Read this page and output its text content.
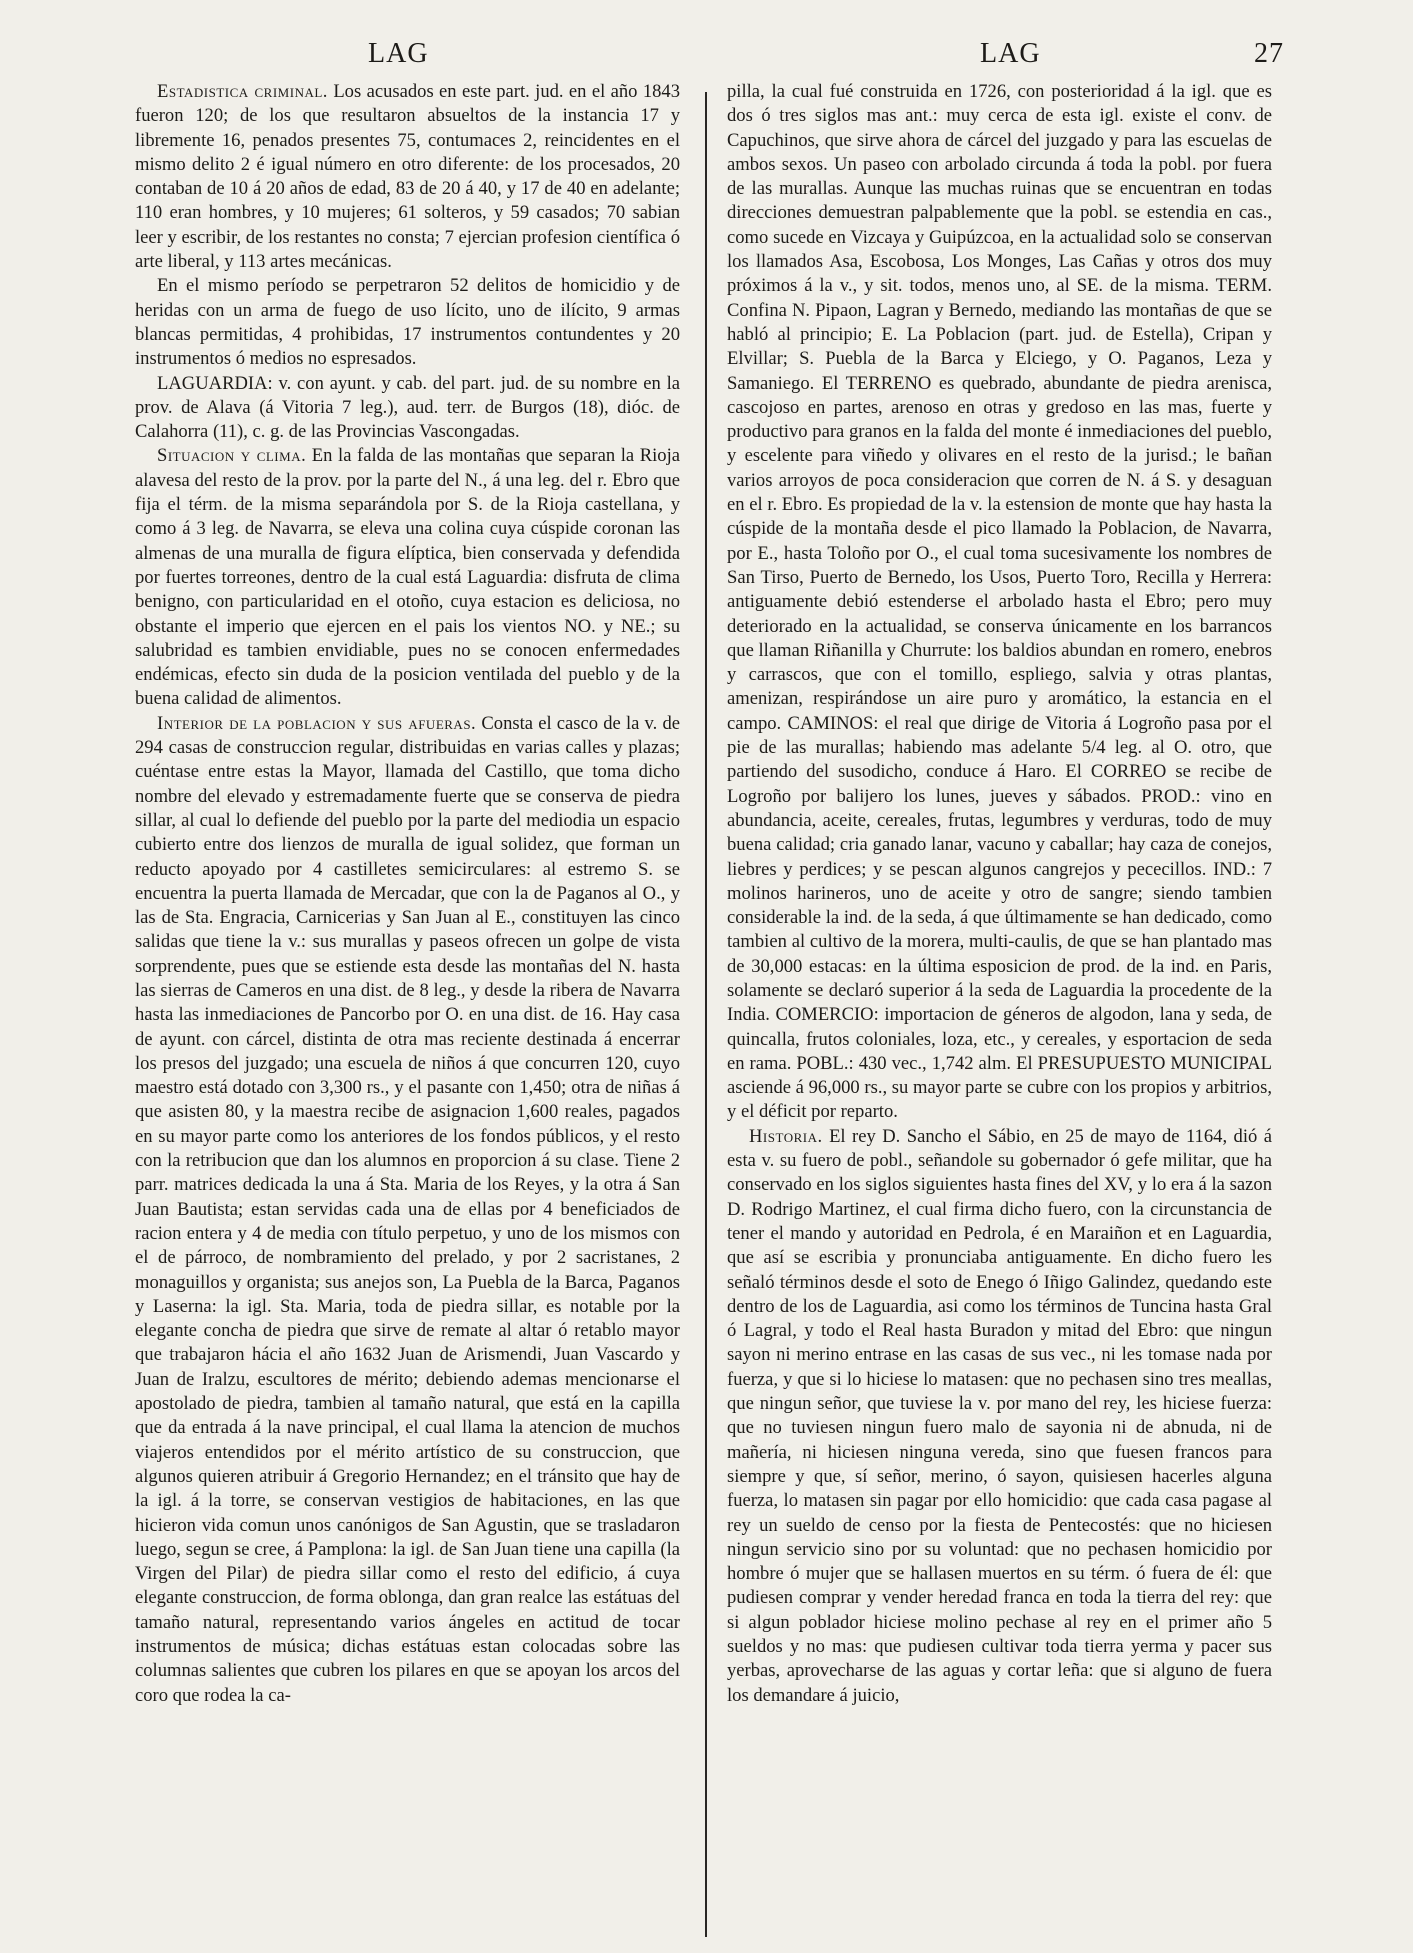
LAG	LAG	27

Estadistica criminal. Los acusados en este part. jud. en el año 1843 fueron 120; de los que resultaron absueltos de la instancia 17 y libremente 16, penados presentes 75, contumaces 2, reincidentes en el mismo delito 2 é igual número en otro diferente: de los procesados, 20 contaban de 10 á 20 años de edad, 83 de 20 á 40, y 17 de 40 en adelante; 110 eran hombres, y 10 mujeres; 61 solteros, y 59 casados; 70 sabian leer y escribir, de los restantes no consta; 7 ejercian profesion científica ó arte liberal, y 113 artes mecánicas.

En el mismo período se perpetraron 52 delitos de homicidio y de heridas con un arma de fuego de uso lícito, uno de ilícito, 9 armas blancas permitidas, 4 prohibidas, 17 instrumentos contundentes y 20 instrumentos ó medios no espresados.

LAGUARDIA: v. con ayunt. y cab. del part. jud. de su nombre en la prov. de Alava (á Vitoria 7 leg.), aud. terr. de Burgos (18), dióc. de Calahorra (11), c. g. de las Provincias Vascongadas.

Situacion y clima. En la falda de las montañas que separan la Rioja alavesa del resto de la prov. por la parte del N., á una leg. del r. Ebro que fija el térm. de la misma separándola por S. de la Rioja castellana, y como á 3 leg. de Navarra, se eleva una colina cuya cúspide coronan las almenas de una muralla de figura elíptica, bien conservada y defendida por fuertes torreones, dentro de la cual está Laguardia: disfruta de clima benigno, con particularidad en el otoño, cuya estacion es deliciosa, no obstante el imperio que ejercen en el pais los vientos NO. y NE.; su salubridad es tambien envidiable, pues no se conocen enfermedades endémicas, efecto sin duda de la posicion ventilada del pueblo y de la buena calidad de alimentos.

Interior de la poblacion y sus afueras. Consta el casco de la v. de 294 casas de construccion regular, distribuidas en varias calles y plazas; cuéntase entre estas la Mayor, llamada del Castillo, que toma dicho nombre del elevado y estremadamente fuerte que se conserva de piedra sillar, al cual lo defiende del pueblo por la parte del mediodia un espacio cubierto entre dos lienzos de muralla de igual solidez, que forman un reducto apoyado por 4 castilletes semicirculares: al estremo S. se encuentra la puerta llamada de Mercadar, que con la de Paganos al O., y las de Sta. Engracia, Carnicerias y San Juan al E., constituyen las cinco salidas que tiene la v.: sus murallas y paseos ofrecen un golpe de vista sorprendente, pues que se estiende esta desde las montañas del N. hasta las sierras de Cameros en una dist. de 8 leg., y desde la ribera de Navarra hasta las inmediaciones de Pancorbo por O. en una dist. de 16. Hay casa de ayunt. con cárcel, distinta de otra mas reciente destinada á encerrar los presos del juzgado; una escuela de niños á que concurren 120, cuyo maestro está dotado con 3,300 rs., y el pasante con 1,450; otra de niñas á que asisten 80, y la maestra recibe de asignacion 1,600 reales, pagados en su mayor parte como los anteriores de los fondos públicos, y el resto con la retribucion que dan los alumnos en proporcion á su clase. Tiene 2 parr. matrices dedicada la una á Sta. Maria de los Reyes, y la otra á San Juan Bautista; estan servidas cada una de ellas por 4 beneficiados de racion entera y 4 de media con título perpetuo, y uno de los mismos con el de párroco, de nombramiento del prelado, y por 2 sacristanes, 2 monaguillos y organista; sus anejos son, La Puebla de la Barca, Paganos y Laserna: la igl. Sta. Maria, toda de piedra sillar, es notable por la elegante concha de piedra que sirve de remate al altar ó retablo mayor que trabajaron hácia el año 1632 Juan de Arismendi, Juan Vascardo y Juan de Iralzu, escultores de mérito; debiendo ademas mencionarse el apostolado de piedra, tambien al tamaño natural, que está en la capilla que da entrada á la nave principal, el cual llama la atencion de muchos viajeros entendidos por el mérito artístico de su construccion, que algunos quieren atribuir á Gregorio Hernandez; en el tránsito que hay de la igl. á la torre, se conservan vestigios de habitaciones, en las que hicieron vida comun unos canónigos de San Agustin, que se trasladaron luego, segun se cree, á Pamplona: la igl. de San Juan tiene una capilla (la Virgen del Pilar) de piedra sillar como el resto del edificio, á cuya elegante construccion, de forma oblonga, dan gran realce las estátuas del tamaño natural, representando varios ángeles en actitud de tocar instrumentos de música; dichas estátuas estan colocadas sobre las columnas salientes que cubren los pilares en que se apoyan los arcos del coro que rodea la ca-

pilla, la cual fué construida en 1726, con posterioridad á la igl. que es dos ó tres siglos mas ant.: muy cerca de esta igl. existe el conv. de Capuchinos, que sirve ahora de cárcel del juzgado y para las escuelas de ambos sexos. Un paseo con arbolado circunda á toda la pobl. por fuera de las murallas. Aunque las muchas ruinas que se encuentran en todas direcciones demuestran palpablemente que la pobl. se estendia en cas., como sucede en Vizcaya y Guipúzcoa, en la actualidad solo se conservan los llamados Asa, Escobosa, Los Monges, Las Cañas y otros dos muy próximos á la v., y sit. todos, menos uno, al SE. de la misma. TERM. Confina N. Pipaon, Lagran y Bernedo, mediando las montañas de que se habló al principio; E. La Poblacion (part. jud. de Estella), Cripan y Elvillar; S. Puebla de la Barca y Elciego, y O. Paganos, Leza y Samaniego. El TERRENO es quebrado, abundante de piedra arenisca, cascojoso en partes, arenoso en otras y gredoso en las mas, fuerte y productivo para granos en la falda del monte é inmediaciones del pueblo, y escelente para viñedo y olivares en el resto de la jurisd.; le bañan varios arroyos de poca consideracion que corren de N. á S. y desaguan en el r. Ebro. Es propiedad de la v. la estension de monte que hay hasta la cúspide de la montaña desde el pico llamado la Poblacion, de Navarra, por E., hasta Toloño por O., el cual toma sucesivamente los nombres de San Tirso, Puerto de Bernedo, los Usos, Puerto Toro, Recilla y Herrera: antiguamente debió estenderse el arbolado hasta el Ebro; pero muy deteriorado en la actualidad, se conserva únicamente en los barrancos que llaman Riñanilla y Churrute: los baldios abundan en romero, enebros y carrascos, que con el tomillo, espliego, salvia y otras plantas, amenizan, respirándose un aire puro y aromático, la estancia en el campo. CAMINOS: el real que dirige de Vitoria á Logroño pasa por el pie de las murallas; habiendo mas adelante 5/4 leg. al O. otro, que partiendo del susodicho, conduce á Haro. El CORREO se recibe de Logroño por balijero los lunes, jueves y sábados. PROD.: vino en abundancia, aceite, cereales, frutas, legumbres y verduras, todo de muy buena calidad; cria ganado lanar, vacuno y caballar; hay caza de conejos, liebres y perdices; y se pescan algunos cangrejos y pececillos. IND.: 7 molinos harineros, uno de aceite y otro de sangre; siendo tambien considerable la ind. de la seda, á que últimamente se han dedicado, como tambien al cultivo de la morera, multi-caulis, de que se han plantado mas de 30,000 estacas: en la última esposicion de prod. de la ind. en Paris, solamente se declaró superior á la seda de Laguardia la procedente de la India. COMERCIO: importacion de géneros de algodon, lana y seda, de quincalla, frutos coloniales, loza, etc., y cereales, y esportacion de seda en rama. POBL.: 430 vec., 1,742 alm. El PRESUPUESTO MUNICIPAL asciende á 96,000 rs., su mayor parte se cubre con los propios y arbitrios, y el déficit por reparto.

Historia. El rey D. Sancho el Sábio, en 25 de mayo de 1164, dió á esta v. su fuero de pobl., señandole su gobernador ó gefe militar, que ha conservado en los siglos siguientes hasta fines del XV, y lo era á la sazon D. Rodrigo Martinez, el cual firma dicho fuero, con la circunstancia de tener el mando y autoridad en Pedrola, é en Maraiñon et en Laguardia, que así se escribia y pronunciaba antiguamente. En dicho fuero les señaló términos desde el soto de Enego ó Iñigo Galindez, quedando este dentro de los de Laguardia, asi como los términos de Tuncina hasta Gral ó Lagral, y todo el Real hasta Buradon y mitad del Ebro: que ningun sayon ni merino entrase en las casas de sus vec., ni les tomase nada por fuerza, y que si lo hiciese lo matasen: que no pechasen sino tres meallas, que ningun señor, que tuviese la v. por mano del rey, les hiciese fuerza: que no tuviesen ningun fuero malo de sayonia ni de abnuda, ni de mañería, ni hiciesen ninguna vereda, sino que fuesen francos para siempre y que, sí señor, merino, ó sayon, quisiesen hacerles alguna fuerza, lo matasen sin pagar por ello homicidio: que cada casa pagase al rey un sueldo de censo por la fiesta de Pentecostés: que no hiciesen ningun servicio sino por su voluntad: que no pechasen homicidio por hombre ó mujer que se hallasen muertos en su térm. ó fuera de él: que pudiesen comprar y vender heredad franca en toda la tierra del rey: que si algun poblador hiciese molino pechase al rey en el primer año 5 sueldos y no mas: que pudiesen cultivar toda tierra yerma y pacer sus yerbas, aprovecharse de las aguas y cortar leña: que si alguno de fuera los demandare á juicio,
